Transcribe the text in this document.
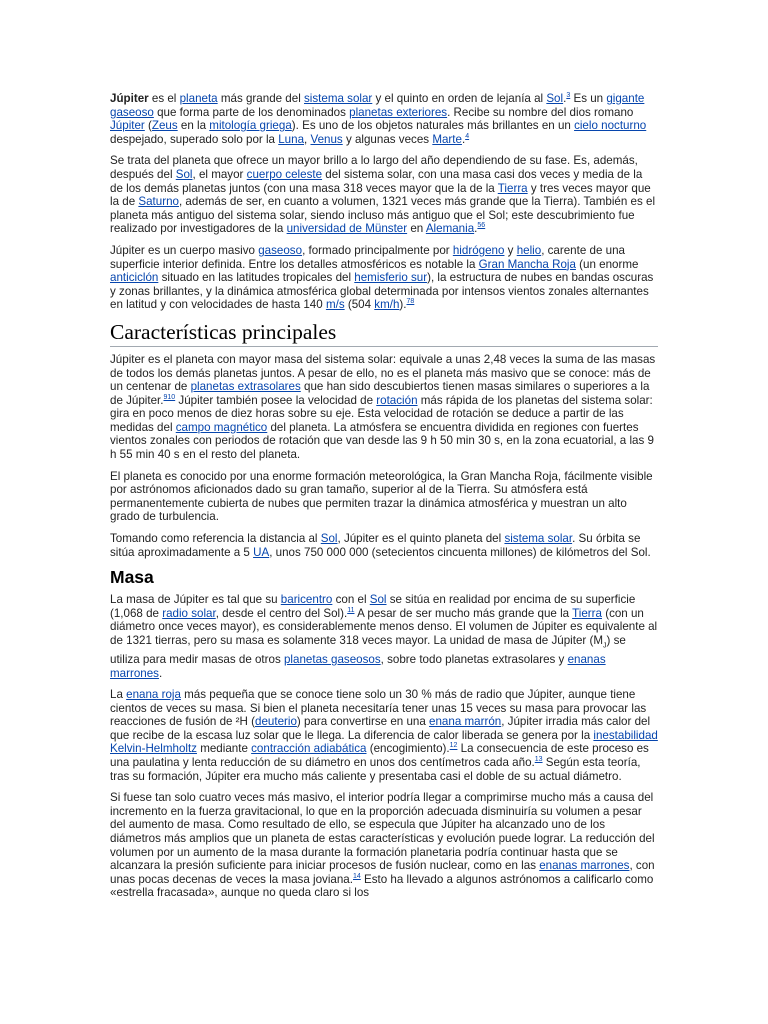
Júpiter es el planeta más grande del sistema solar y el quinto en orden de lejanía al Sol.$^3$ Es un gigante gaseoso que forma parte de los denominados planetas exteriores. Recibe su nombre del dios romano Júpiter (Zeus en la mitología griega). Es uno de los objetos naturales más brillantes en un cielo nocturno despejado, superado solo por la Luna, Venus y algunas veces Marte.$^4$

Se trata del planeta que ofrece un mayor brillo a lo largo del año dependiendo de su fase. Es, además, después del Sol, el mayor cuerpo celeste del sistema solar, con una masa casi dos veces y media de la de los demás planetas juntos (con una masa 318 veces mayor que la de la Tierra y tres veces mayor que la de Saturno, además de ser, en cuanto a volumen, 1321 veces más grande que la Tierra). También es el planeta más antiguo del sistema solar, siendo incluso más antiguo que el Sol; este descubrimiento fue realizado por investigadores de la universidad de Münster en Alemania.$^{56}$

Júpiter es un cuerpo masivo gaseoso, formado principalmente por hidrógeno y helio, carente de una superficie interior definida. Entre los detalles atmosféricos es notable la Gran Mancha Roja (un enorme anticiclón situado en las latitudes tropicales del hemisferio sur), la estructura de nubes en bandas oscuras y zonas brillantes, y la dinámica atmosférica global determinada por intensos vientos zonales alternantes en latitud y con velocidades de hasta 140 m/s (504 km/h).$^{78}$

Características principales

Júpiter es el planeta con mayor masa del sistema solar: equivale a unas 2,48 veces la suma de las masas de todos los demás planetas juntos. A pesar de ello, no es el planeta más masivo que se conoce: más de un centenar de planetas extrasolares que han sido descubiertos tienen masas similares o superiores a la de Júpiter.$^{910}$ Júpiter también posee la velocidad de rotación más rápida de los planetas del sistema solar: gira en poco menos de diez horas sobre su eje. Esta velocidad de rotación se deduce a partir de las medidas del campo magnético del planeta. La atmósfera se encuentra dividida en regiones con fuertes vientos zonales con periodos de rotación que van desde las 9 h 50 min 30 s, en la zona ecuatorial, a las 9 h 55 min 40 s en el resto del planeta.

El planeta es conocido por una enorme formación meteorológica, la Gran Mancha Roja, fácilmente visible por astrónomos aficionados dado su gran tamaño, superior al de la Tierra. Su atmósfera está permanentemente cubierta de nubes que permiten trazar la dinámica atmosférica y muestran un alto grado de turbulencia.

Tomando como referencia la distancia al Sol, Júpiter es el quinto planeta del sistema solar. Su órbita se sitúa aproximadamente a 5 UA, unos 750 000 000 (setecientos cincuenta millones) de kilómetros del Sol.

Masa

La masa de Júpiter es tal que su baricentro con el Sol se sitúa en realidad por encima de su superficie (1,068 de radio solar, desde el centro del Sol).$^{11}$ A pesar de ser mucho más grande que la Tierra (con un diámetro once veces mayor), es considerablemente menos denso. El volumen de Júpiter es equivalente al de 1321 tierras, pero su masa es solamente 318 veces mayor. La unidad de masa de Júpiter $(M_J)$ se utiliza para medir masas de otros planetas gaseosos, sobre todo planetas extrasolares y enanas marrones.

La enana roja más pequeña que se conoce tiene solo un 30 % más de radio que Júpiter, aunque tiene cientos de veces su masa. Si bien el planeta necesitaría tener unas 15 veces su masa para provocar las reacciones de fusión de ²H (deuterio) para convertirse en una enana marrón, Júpiter irradia más calor del que recibe de la escasa luz solar que le llega. La diferencia de calor liberada se genera por la inestabilidad Kelvin-Helmholtz mediante contracción adiabática (encogimiento).$^{12}$ La consecuencia de este proceso es una paulatina y lenta reducción de su diámetro en unos dos centímetros cada año.$^{13}$ Según esta teoría, tras su formación, Júpiter era mucho más caliente y presentaba casi el doble de su actual diámetro.

Si fuese tan solo cuatro veces más masivo, el interior podría llegar a comprimirse mucho más a causa del incremento en la fuerza gravitacional, lo que en la proporción adecuada disminuiría su volumen a pesar del aumento de masa. Como resultado de ello, se especula que Júpiter ha alcanzado uno de los diámetros más amplios que un planeta de estas características y evolución puede lograr. La reducción del volumen por un aumento de la masa durante la formación planetaria podría continuar hasta que se alcanzara la presión suficiente para iniciar procesos de fusión nuclear, como en las enanas marrones, con unas pocas decenas de veces la masa joviana.$^{14}$ Esto ha llevado a algunos astrónomos a calificarlo como «estrella fracasada», aunque no queda claro si los
